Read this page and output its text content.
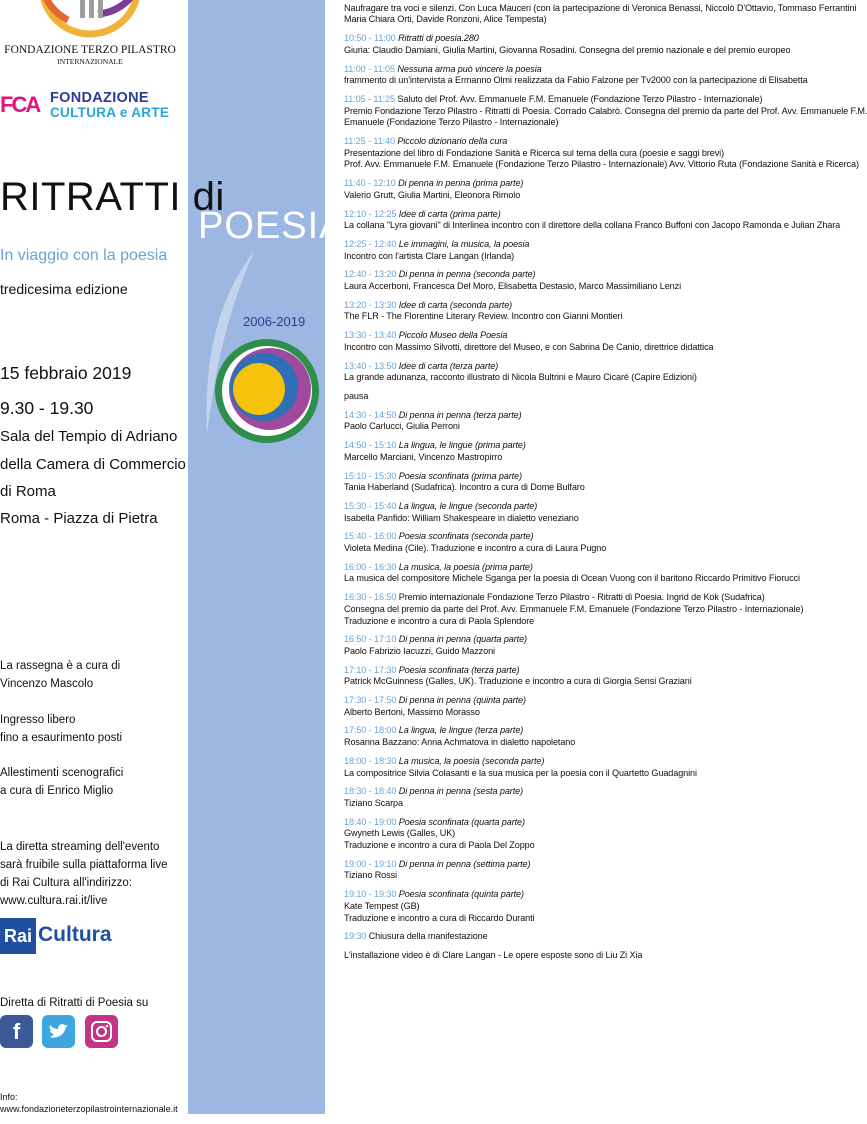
FONDAZIONE TERZO PILASTRO
INTERNAZIONALE
FCA FONDAZIONE
CULTURA e ARTE
RITRATTI di
POESIA
In viaggio con la poesia
tredicesima edizione
2006-2019
15 febbraio 2019
9.30 - 19.30
Sala del Tempio di Adriano
della Camera di Commercio
di Roma
Roma - Piazza di Pietra
La rassegna è a cura di
Vincenzo Mascolo
Ingresso libero
fino a esaurimento posti
Allestimenti scenografici
a cura di Enrico Miglio
La diretta streaming dell'evento
sarà fruibile sulla piattaforma live
di Rai Cultura all'indirizzo:
www.cultura.rai.it/live
Rai Cultura
Diretta di Ritratti di Poesia su
f
Info:
www.fondazioneterzopilastrointernazionale.it
Naufragare tra voci e silenzi. Con Luca Mauceri (con la partecipazione di Veronica Benassi, Niccolò D'Ottavio, Tommaso Ferrantini
Maria Chiara Orti, Davide Ronzoni, Alice Tempesta)
10:50 - 11:00 Ritratti di poesia.280
Giuria: Claudio Damiani, Giulia Martini, Giovanna Rosadini. Consegna del premio nazionale e del premio europeo
11:00 - 11:05 Nessuna arma può vincere la poesia
frammento di un'intervista a Ermanno Olmi realizzata da Fabio Falzone per Tv2000 con la partecipazione di Elisabetta
11:05 - 11:25 Saluto del Prof. Avv. Emmanuele F.M. Emanuele (Fondazione Terzo Pilastro - Internazionale)
Premio Fondazione Terzo Pilastro - Ritratti di Poesia. Corrado Calabrò. Consegna del premio da parte del Prof. Avv. Emmanuele F.M.
Emanuele (Fondazione Terzo Pilastro - Internazionale)
11:25 - 11:40 Piccolo dizionario della cura
Presentazione del libro di Fondazione Sanità e Ricerca sul tema della cura (poesie e saggi brevi)
Prof. Avv. Emmanuele F.M. Emanuele (Fondazione Terzo Pilastro - Internazionale) Avv. Vittorio Ruta (Fondazione Sanità e Ricerca)
11:40 - 12:10 Di penna in penna (prima parte)
Valerio Grutt, Giulia Martini, Eleonora Rimolo
12:10 - 12:25 Idee di carta (prima parte)
La collana "Lyra giovani" di Interlinea incontro con il direttore della collana Franco Buffoni con Jacopo Ramonda e Julian Zhara
12:25 - 12:40 Le immagini, la musica, la poesia
Incontro con l'artista Clare Langan (Irlanda)
12:40 - 13:20 Di penna in penna (seconda parte)
Laura Accerboni, Francesca Del Moro, Elisabetta Destasio, Marco Massimiliano Lenzi
13:20 - 13:30 Idee di carta (seconda parte)
The FLR - The Florentine Literary Review. Incontro con Gianni Montieri
13:30 - 13:40 Piccolo Museo della Poesia
Incontro con Massimo Silvotti, direttore del Museo, e con Sabrina De Canio, direttrice didattica
13:40 - 13:50 Idee di carta (terza parte)
La grande adunanza, racconto illustrato di Nicola Bultrini e Mauro Cicaré (Capire Edizioni)
pausa
14:30 - 14:50 Di penna in penna (terza parte)
Paolo Carlucci, Giulia Perroni
14:50 - 15:10 La lingua, le lingue (prima parte)
Marcello Marciani, Vincenzo Mastropirro
15:10 - 15:30 Poesia sconfinata (prima parte)
Tania Haberland (Sudafrica). Incontro a cura di Dome Bulfaro
15:30 - 15:40 La lingua, le lingue (seconda parte)
Isabella Panfido: William Shakespeare in dialetto veneziano
15:40 - 16:00 Poesia sconfinata (seconda parte)
Violeta Medina (Cile). Traduzione e incontro a cura di Laura Pugno
16:00 - 16:30 La musica, la poesia (prima parte)
La musica del compositore Michele Sganga per la poesia di Ocean Vuong con il baritono Riccardo Primitivo Fiorucci
16:30 - 16:50 Premio internazionale Fondazione Terzo Pilastro - Ritratti di Poesia. Ingrid de Kok (Sudafrica)
Consegna del premio da parte del Prof. Avv. Emmanuele F.M. Emanuele (Fondazione Terzo Pilastro - Internazionale)
Traduzione e incontro a cura di Paola Splendore
16:50 - 17:10 Di penna in penna (quarta parte)
Paolo Fabrizio Iacuzzi, Guido Mazzoni
17:10 - 17:30 Poesia sconfinata (terza parte)
Patrick McGuinness (Galles, UK). Traduzione e incontro a cura di Giorgia Sensi Graziani
17:30 - 17:50 Di penna in penna (quinta parte)
Alberto Bertoni, Massimo Morasso
17:50 - 18:00 La lingua, le lingue (terza parte)
Rosanna Bazzano: Anna Achmatova in dialetto napoletano
18:00 - 18:30 La musica, la poesia (seconda parte)
La compositrice Silvia Colasanti e la sua musica per la poesia con il Quartetto Guadagnini
18:30 - 18:40 Di penna in penna (sesta parte)
Tiziano Scarpa
18:40 - 19:00 Poesia sconfinata (quarta parte)
Gwyneth Lewis (Galles, UK)
Traduzione e incontro a cura di Paola Del Zoppo
19:00 - 19:10 Di penna in penna (settima parte)
Tiziano Rossi
19:10 - 19:30 Poesia sconfinata (quinta parte)
Kate Tempest (GB)
Traduzione e incontro a cura di Riccardo Duranti
19:30 Chiusura della manifestazione
L'installazione video è di Clare Langan - Le opere esposte sono di Liu Zi Xia
